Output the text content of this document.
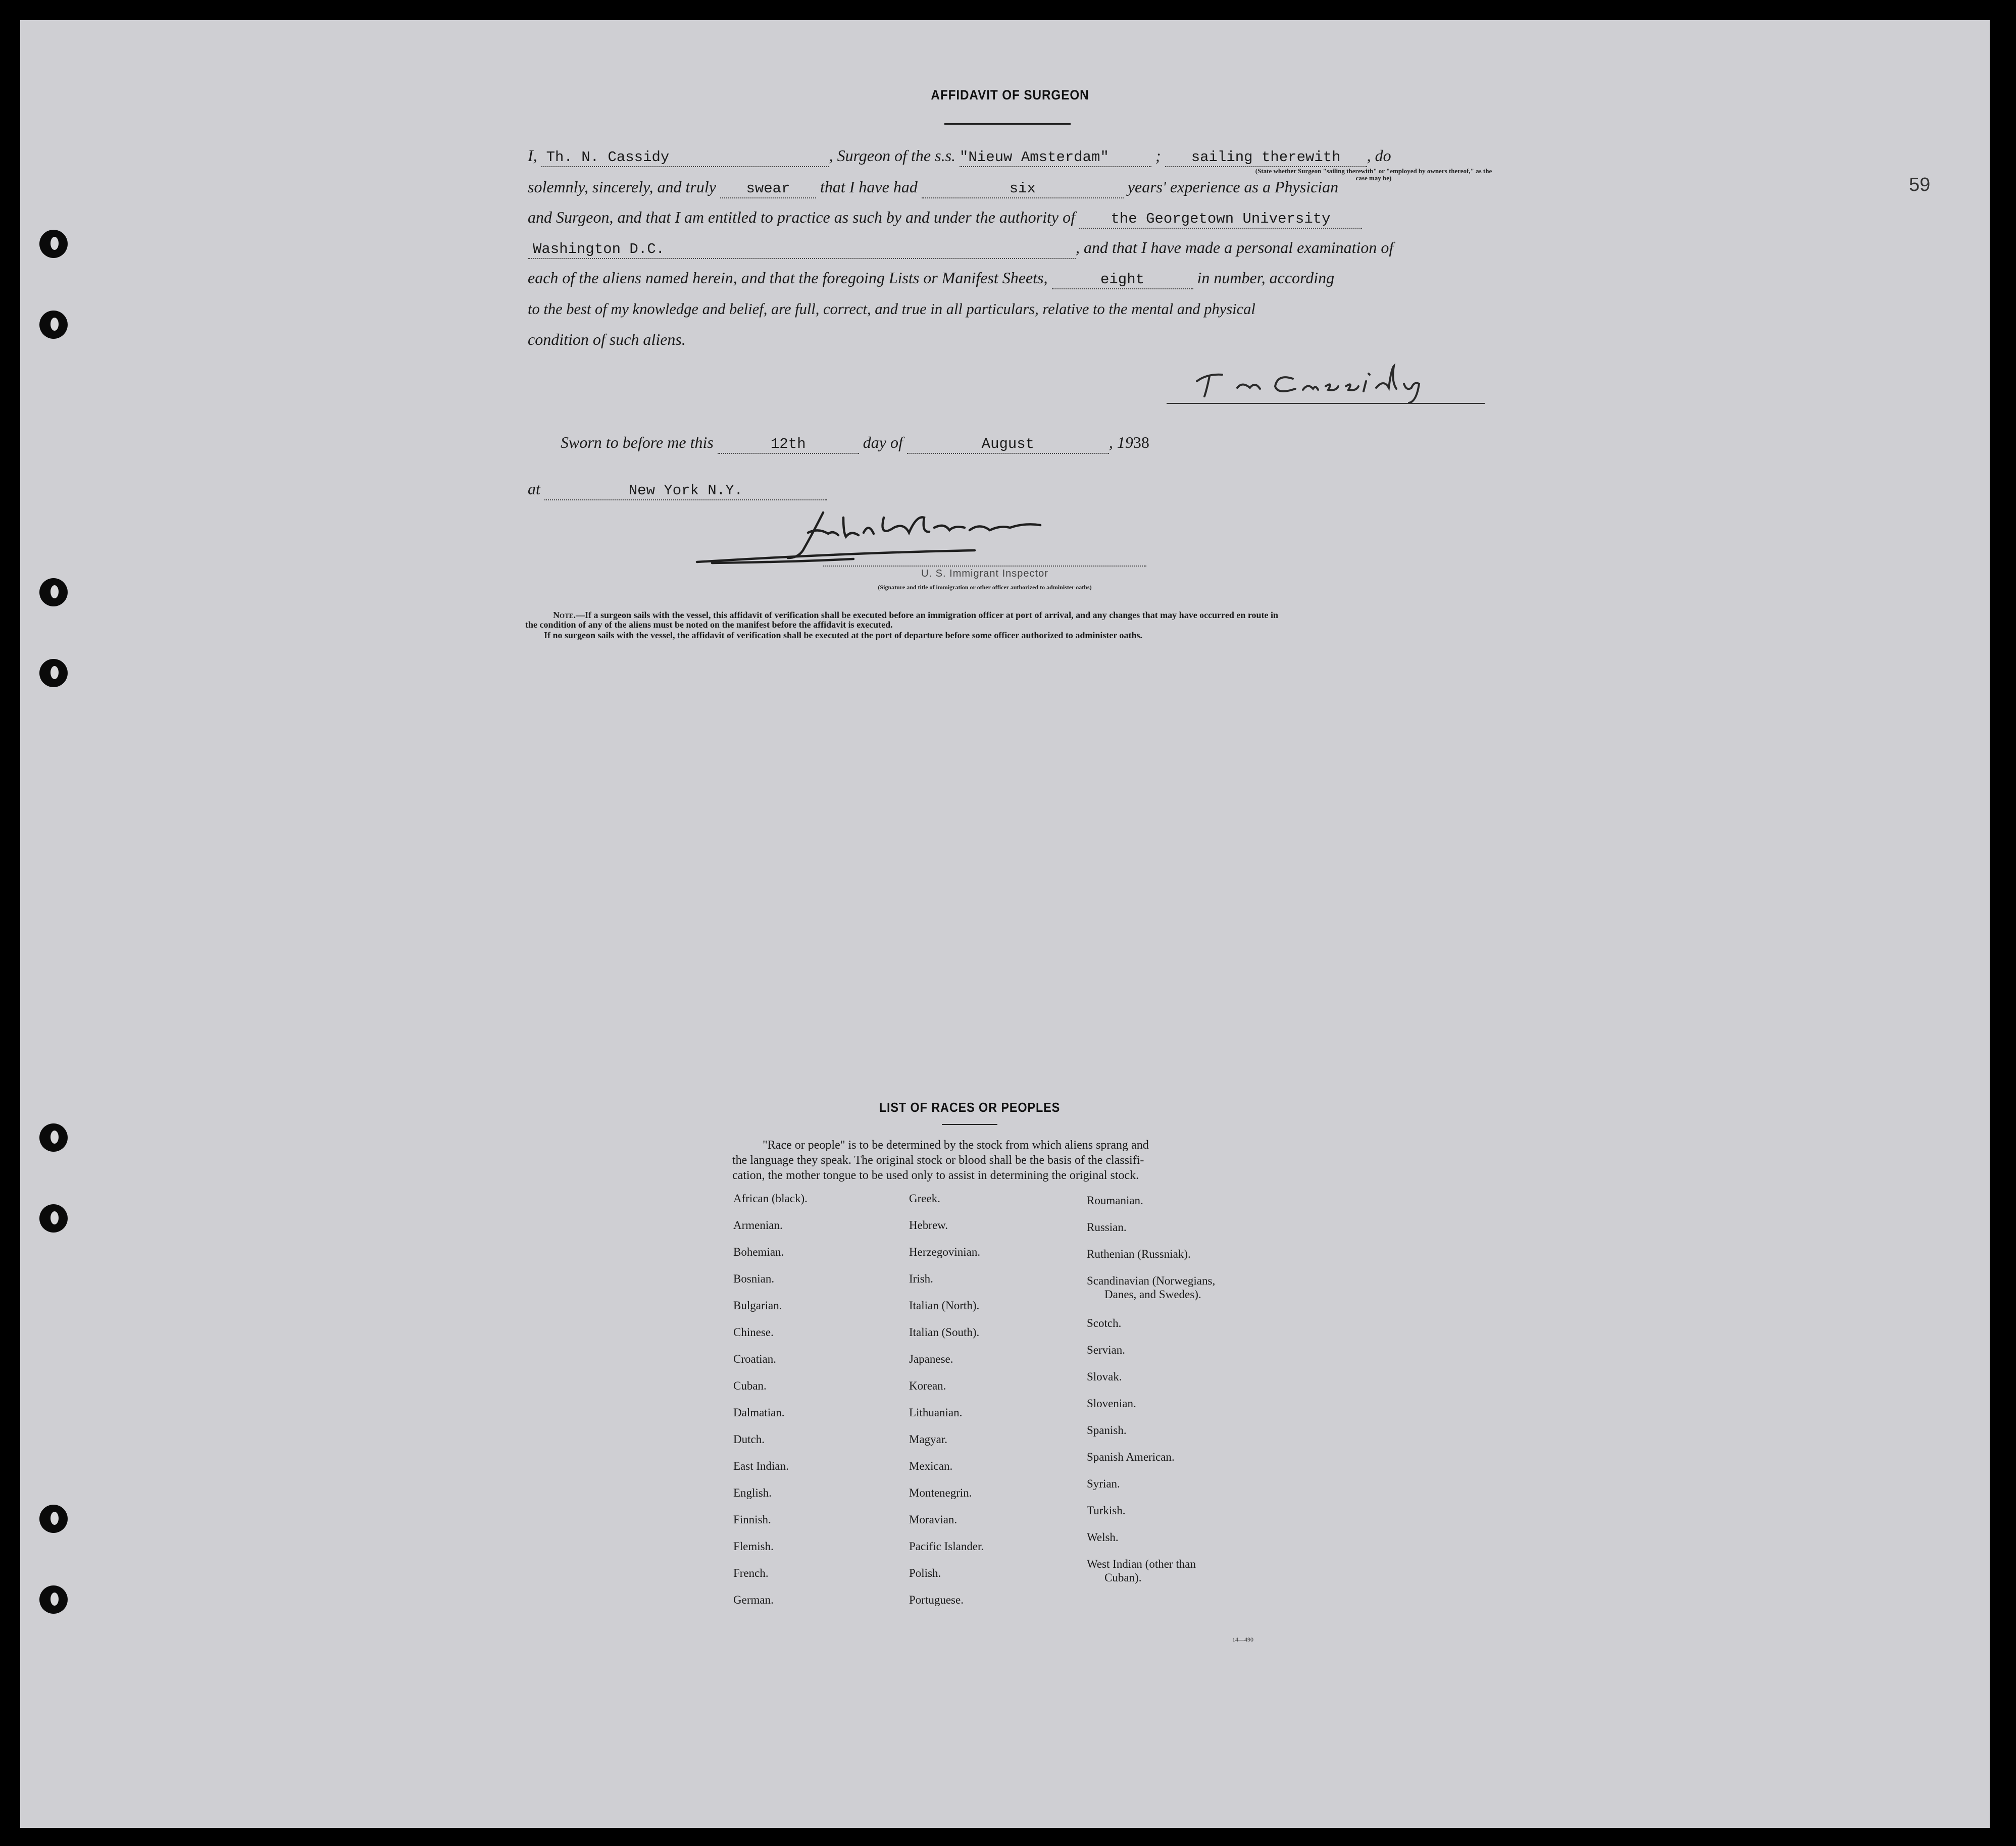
59
AFFIDAVIT OF SURGEON
I, Th. N. Cassidy	, Surgeon of the s.s. "Nieuw Amsterdam"	; sailing therewith , do
(State whether Surgeon "sailing therewith" or "employed by owners thereof," as the case may be)
solemnly, sincerely, and truly swear that I have had	six	years' experience as a Physician
and Surgeon, and that I am entitled to practice as such by and under the authority of the Georgetown University
Washington D.C.	, and that I have made a personal examination of
each of the aliens named herein, and that the foregoing Lists or Manifest Sheets,	eight	in number, according
to the best of my knowledge and belief, are full, correct, and true in all particulars, relative to the mental and physical
condition of such aliens.
Sworn to before me this	12th	day of	August	, 1938
at	New York N.Y.
U. S. Immigrant Inspector
(Signature and title of immigration or other officer authorized to administer oaths)
Note.—If a surgeon sails with the vessel, this affidavit of verification shall be executed before an immigration officer at port of arrival, and any changes that may have occurred en route in
the condition of any of the aliens must be noted on the manifest before the affidavit is executed.
If no surgeon sails with the vessel, the affidavit of verification shall be executed at the port of departure before some officer authorized to administer oaths.
LIST OF RACES OR PEOPLES
"Race or people" is to be determined by the stock from which aliens sprang and
the language they speak. The original stock or blood shall be the basis of the classifi-
cation, the mother tongue to be used only to assist in determining the original stock.
African (black).
Armenian.
Bohemian.
Bosnian.
Bulgarian.
Chinese.
Croatian.
Cuban.
Dalmatian.
Dutch.
East Indian.
English.
Finnish.
Flemish.
French.
German.
Greek.
Hebrew.
Herzegovinian.
Irish.
Italian (North).
Italian (South).
Japanese.
Korean.
Lithuanian.
Magyar.
Mexican.
Montenegrin.
Moravian.
Pacific Islander.
Polish.
Portuguese.
Roumanian.
Russian.
Ruthenian (Russniak).
Scandinavian (Norwegians,
Danes, and Swedes).
Scotch.
Servian.
Slovak.
Slovenian.
Spanish.
Spanish American.
Syrian.
Turkish.
Welsh.
West Indian (other than
Cuban).
14—490
